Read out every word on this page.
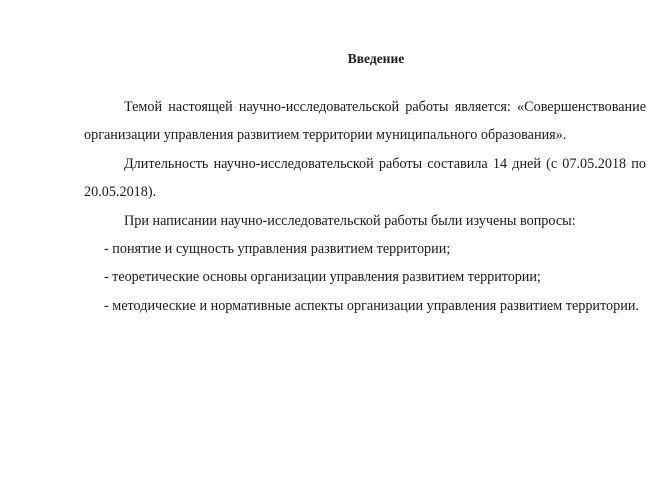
Введение

Темой настоящей научно-исследовательской работы является: «Совершенствование организации управления развитием территории муниципального образования».

Длительность научно-исследовательской работы составила 14 дней (с 07.05.2018 по 20.05.2018).

При написании научно-исследовательской работы были изучены вопросы:

- понятие и сущность управления развитием территории;

- теоретические основы организации управления развитием территории;

- методические и нормативные аспекты организации управления развитием территории.
